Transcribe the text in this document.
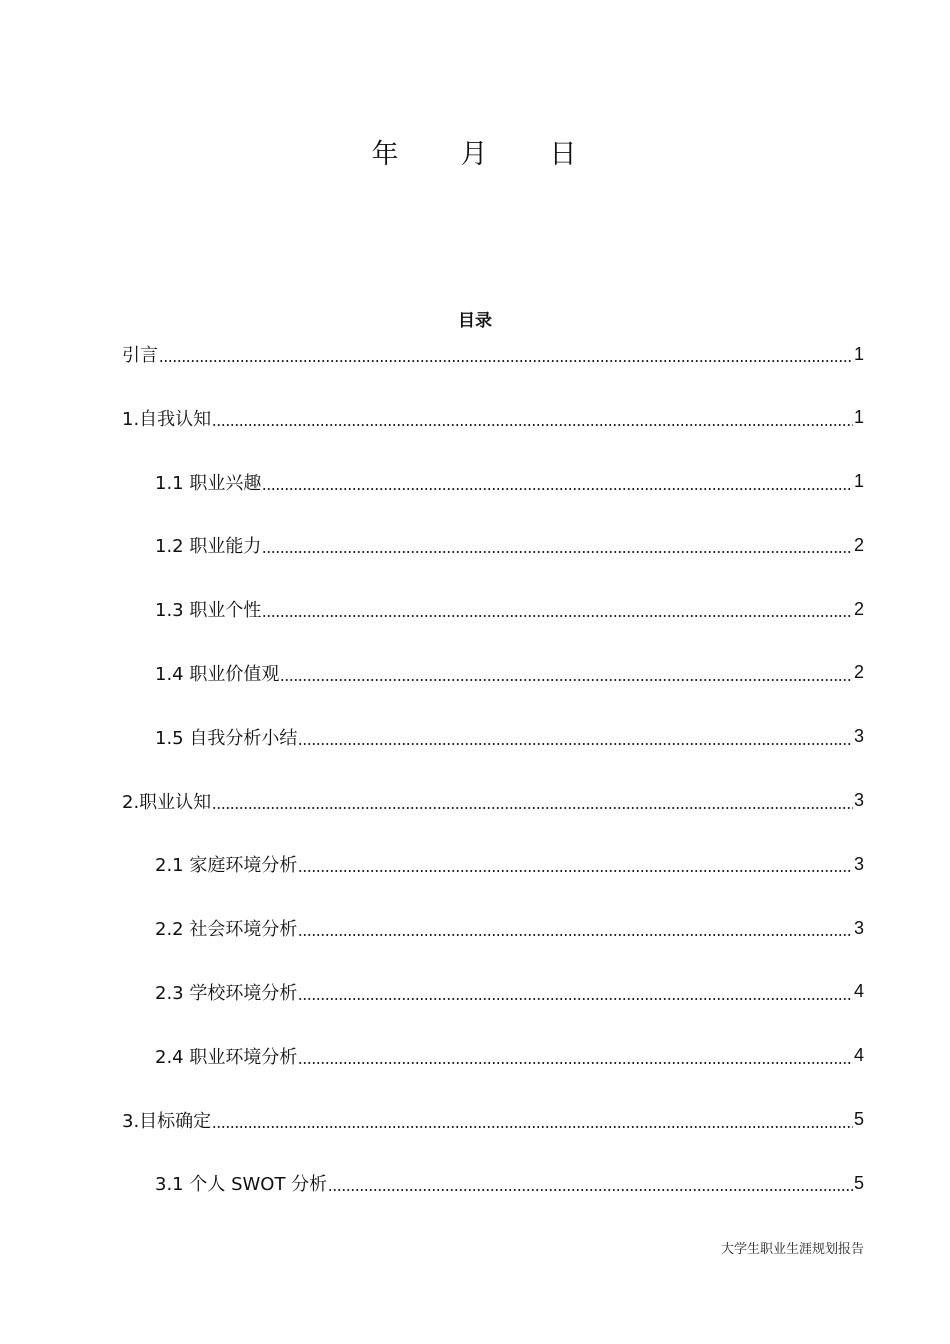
年 月 日
目录
引言	1
1.自我认知	1
1.1 职业兴趣	1
1.2 职业能力	2
1.3 职业个性	2
1.4 职业价值观	2
1.5 自我分析小结	3
2.职业认知	3
2.1 家庭环境分析	3
2.2 社会环境分析	3
2.3 学校环境分析	4
2.4 职业环境分析	4
3.目标确定	5
3.1 个人 SWOT 分析	5
大学生职业生涯规划报告
